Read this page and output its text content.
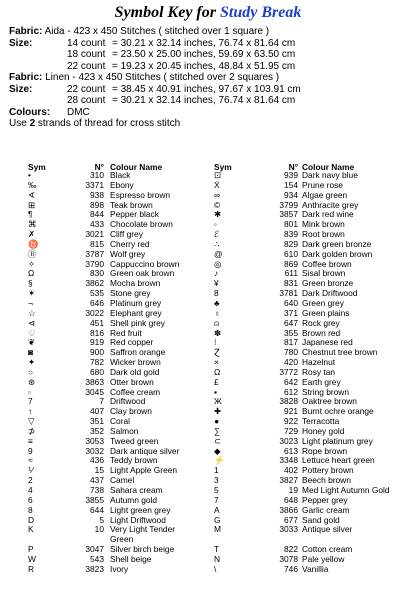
Symbol Key for Study Break
Fabric: Aida - 423 x 450 Stitches ( stitched over 1 square )
Size:	14 count = 30.21 x 32.14 inches, 76.74 x 81.64 cm
18 count = 23.50 x 25.00 inches, 59.69 x 63.50 cm
22 count = 19.23 x 20.45 inches, 48.84 x 51.95 cm
Fabric: Linen - 423 x 450 Stitches ( stitched over 2 squares )
Size:	22 count = 38.45 x 40.91 inches, 97.67 x 103.91 cm
28 count = 30.21 x 32.14 inches, 76.74 x 81.64 cm
Colours: DMC
Use 2 strands of thread for cross stitch
Sym	N° Colour Name
•	310 Black
‰	3371 Ebony
∢	938 Espresso brown
⊞	898 Teak brown
¶	844 Pepper black
⌘	433 Chocolate brown
✗	3021 Cliff grey
♉	815 Cherry red
Ⓑ	3787 Wolf grey
✧	3790 Cappuccino brown
Ω	830 Green oak brown
§	3862 Mocha brown
✶	535 Stone grey
¬	646 Platinum grey
☆	3022 Elephant grey
⊲	451 Shell pink grey
♡	816 Red fruit
❦	919 Red copper
◙	900 Saffron orange
✦	782 Wicker brown
○	680 Dark old gold
⊛	3863 Otter brown
▫	3045 Coffee cream
7	7 Driftwood
↑	407 Clay brown
▽	351 Coral
⊅	352 Salmon
≡	3053 Tweed green
9	3032 Dark antique silver
≈	436 Teddy brown
⅟	15 Light Apple Green
2	437 Camel
4	738 Sahara cream
6	3855 Autumn gold
8	644 Light green grey
D	5 Light Driftwood
K	10 Very Light Tender
Green
P	3047 Silver birch beige
W	543 Shell beige
R	3823 Ivory
Sym	N° Colour Name
⊡	939 Dark navy blue
Ẋ	154 Prune rose
∞	934 Algae green
©	3799 Anthracite grey
✱	3857 Dark red wine
◦	801 Mink brown
ℰ	839 Root brown
∴	829 Dark green bronze
@	610 Dark golden brown
◎	869 Coffee brown
♪	611 Sisal brown
¥	831 Green bronze
8	3781 Dark Driftwood
♣	640 Green grey
♁	371 Green plains
⍝	647 Rock grey
✽	355 Brown red
⁝	817 Japanese red
Ɀ	780 Chestnut tree brown
×	420 Hazelnut
Ω	3772 Rosy tan
£	642 Earth grey
▪	612 String brown
Ж	3828 Oaktree brown
✚	921 Burnt ochre orange
●	922 Terracotta
∑	729 Honey gold
⊂	3023 Light platinum grey
◆	613 Rope brown
⚡	3348 Lettuce heart green
1	402 Pottery brown
3	3827 Beech brown
5	19 Med Light Autumn Gold
7	648 Pepper grey
A	3866 Garlic cream
G	677 Sand gold
M	3033 Antique silver
T	822 Cotton cream
N	3078 Pale yellow
\	746 Vanillia
